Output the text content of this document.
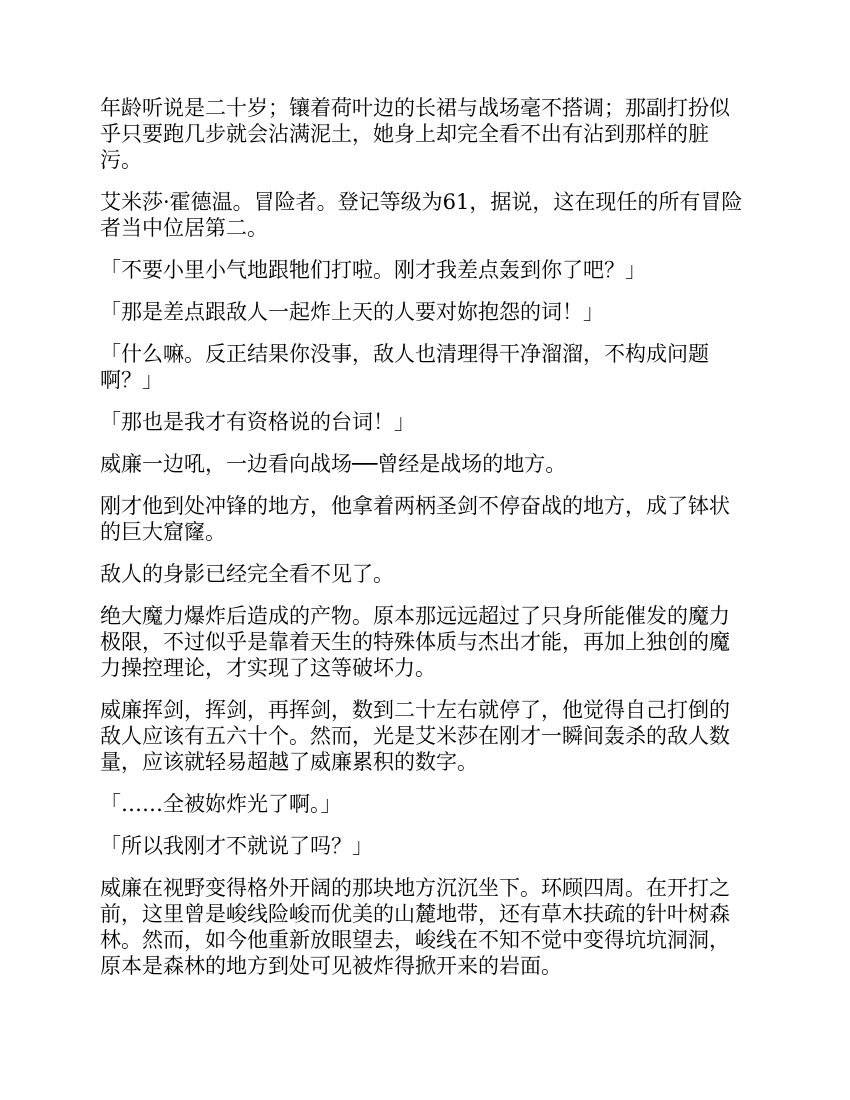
年龄听说是二十岁；镶着荷叶边的长裙与战场毫不搭调；那副打扮似乎只要跑几步就会沾满泥土，她身上却完全看不出有沾到那样的脏污。

艾米莎·霍德温。冒险者。登记等级为61，据说，这在现任的所有冒险者当中位居第二。

「不要小里小气地跟牠们打啦。刚才我差点轰到你了吧？」

「那是差点跟敌人一起炸上天的人要对妳抱怨的词！」

「什么嘛。反正结果你没事，敌人也清理得干净溜溜，不构成问题啊？」

「那也是我才有资格说的台词！」

威廉一边吼，一边看向战场──曾经是战场的地方。

刚才他到处冲锋的地方，他拿着两柄圣剑不停奋战的地方，成了钵状的巨大窟窿。

敌人的身影已经完全看不见了。

绝大魔力爆炸后造成的产物。原本那远远超过了只身所能催发的魔力极限，不过似乎是靠着天生的特殊体质与杰出才能，再加上独创的魔力操控理论，才实现了这等破坏力。

威廉挥剑，挥剑，再挥剑，数到二十左右就停了，他觉得自己打倒的敌人应该有五六十个。然而，光是艾米莎在刚才一瞬间轰杀的敌人数量，应该就轻易超越了威廉累积的数字。

「……全被妳炸光了啊。」

「所以我刚才不就说了吗？」

威廉在视野变得格外开阔的那块地方沉沉坐下。环顾四周。在开打之前，这里曾是峻线险峻而优美的山麓地带，还有草木扶疏的针叶树森林。然而，如今他重新放眼望去，峻线在不知不觉中变得坑坑洞洞，原本是森林的地方到处可见被炸得掀开来的岩面。
